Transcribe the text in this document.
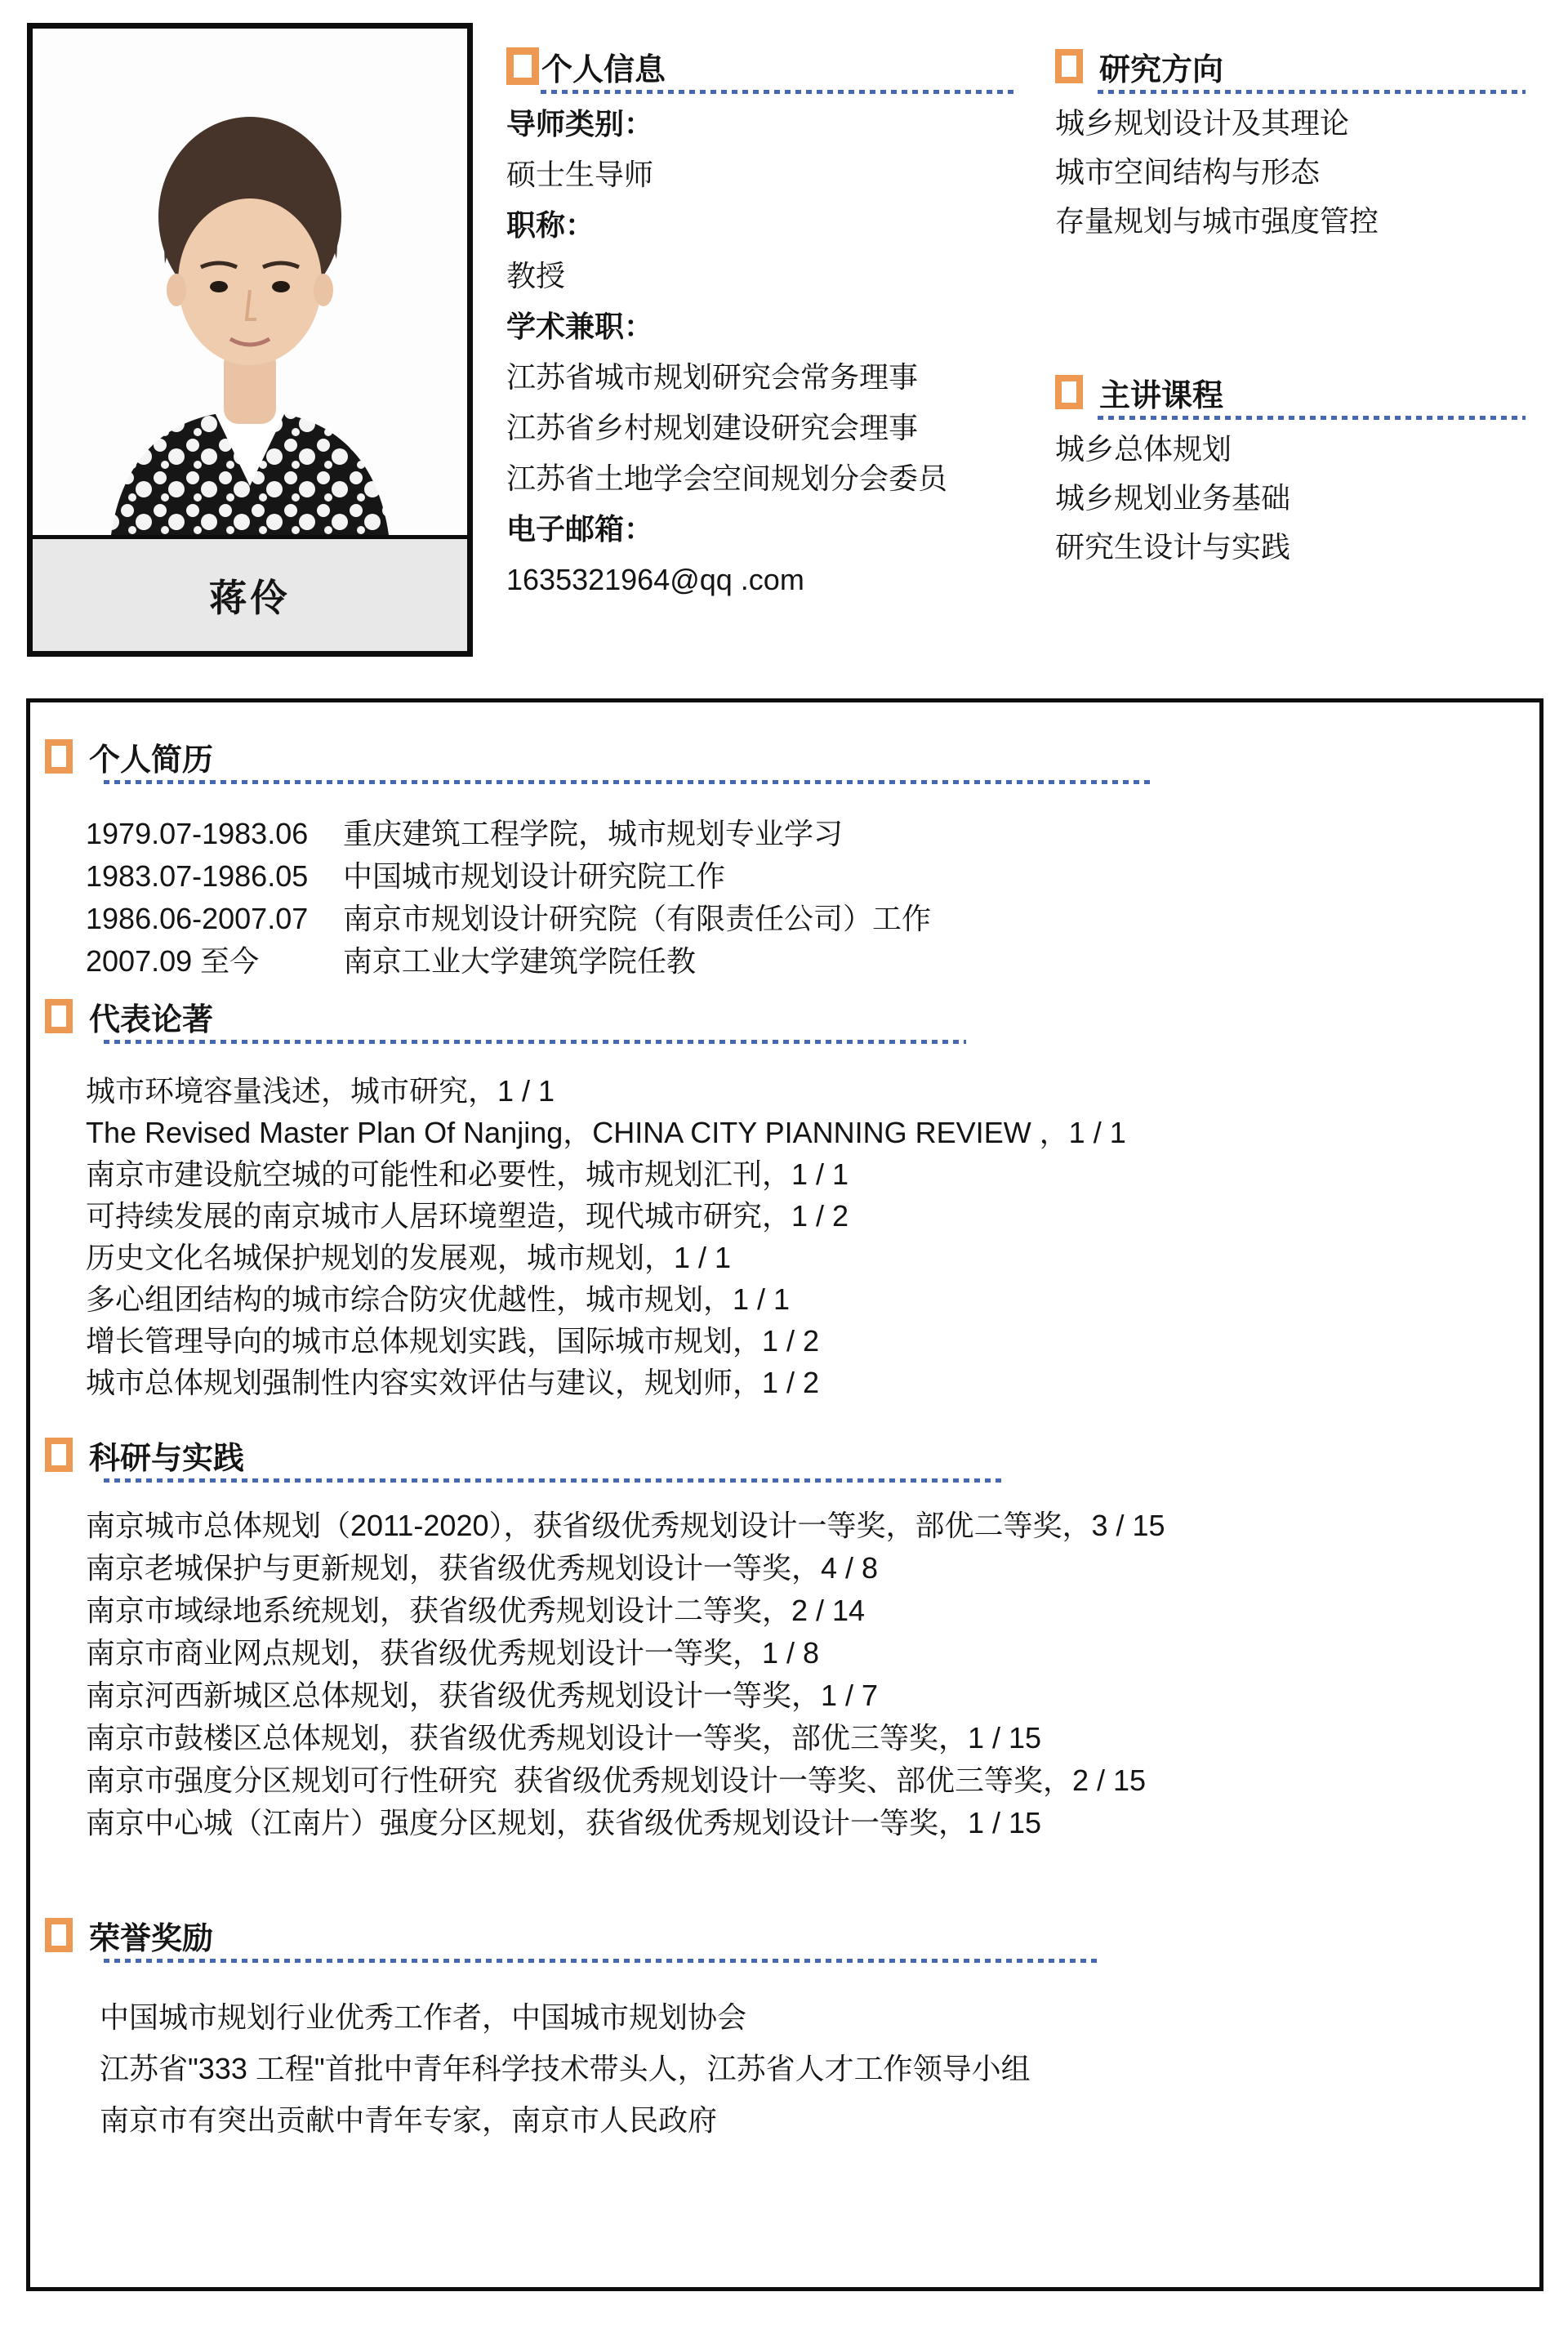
蒋伶
个人信息
导师类别：
硕士生导师
职称：
教授
学术兼职：
江苏省城市规划研究会常务理事
江苏省乡村规划建设研究会理事
江苏省土地学会空间规划分会委员
电子邮箱：
1635321964@qq .com
研究方向
城乡规划设计及其理论
城市空间结构与形态
存量规划与城市强度管控
主讲课程
城乡总体规划
城乡规划业务基础
研究生设计与实践
个人简历
1979.07-1983.06 重庆建筑工程学院，城市规划专业学习
1983.07-1986.05 中国城市规划设计研究院工作
1986.06-2007.07 南京市规划设计研究院（有限责任公司）工作
2007.09 至今	南京工业大学建筑学院任教
代表论著
城市环境容量浅述，城市研究，1 / 1
The Revised Master Plan Of Nanjing，CHINA CITY PIANNING REVIEW ，1 / 1
南京市建设航空城的可能性和必要性，城市规划汇刊，1 / 1
可持续发展的南京城市人居环境塑造，现代城市研究，1 / 2
历史文化名城保护规划的发展观，城市规划，1 / 1
多心组团结构的城市综合防灾优越性，城市规划，1 / 1
增长管理导向的城市总体规划实践，国际城市规划，1 / 2
城市总体规划强制性内容实效评估与建议，规划师，1 / 2
科研与实践
南京城市总体规划（2011-2020），获省级优秀规划设计一等奖，部优二等奖，3 / 15
南京老城保护与更新规划，获省级优秀规划设计一等奖，4 / 8
南京市域绿地系统规划，获省级优秀规划设计二等奖，2 / 14
南京市商业网点规划，获省级优秀规划设计一等奖，1 / 8
南京河西新城区总体规划，获省级优秀规划设计一等奖，1 / 7
南京市鼓楼区总体规划，获省级优秀规划设计一等奖，部优三等奖，1 / 15
南京市强度分区规划可行性研究  获省级优秀规划设计一等奖、部优三等奖，2 / 15
南京中心城（江南片）强度分区规划，获省级优秀规划设计一等奖，1 / 15
荣誉奖励
中国城市规划行业优秀工作者，中国城市规划协会
江苏省"333 工程"首批中青年科学技术带头人，江苏省人才工作领导小组
南京市有突出贡献中青年专家，南京市人民政府
